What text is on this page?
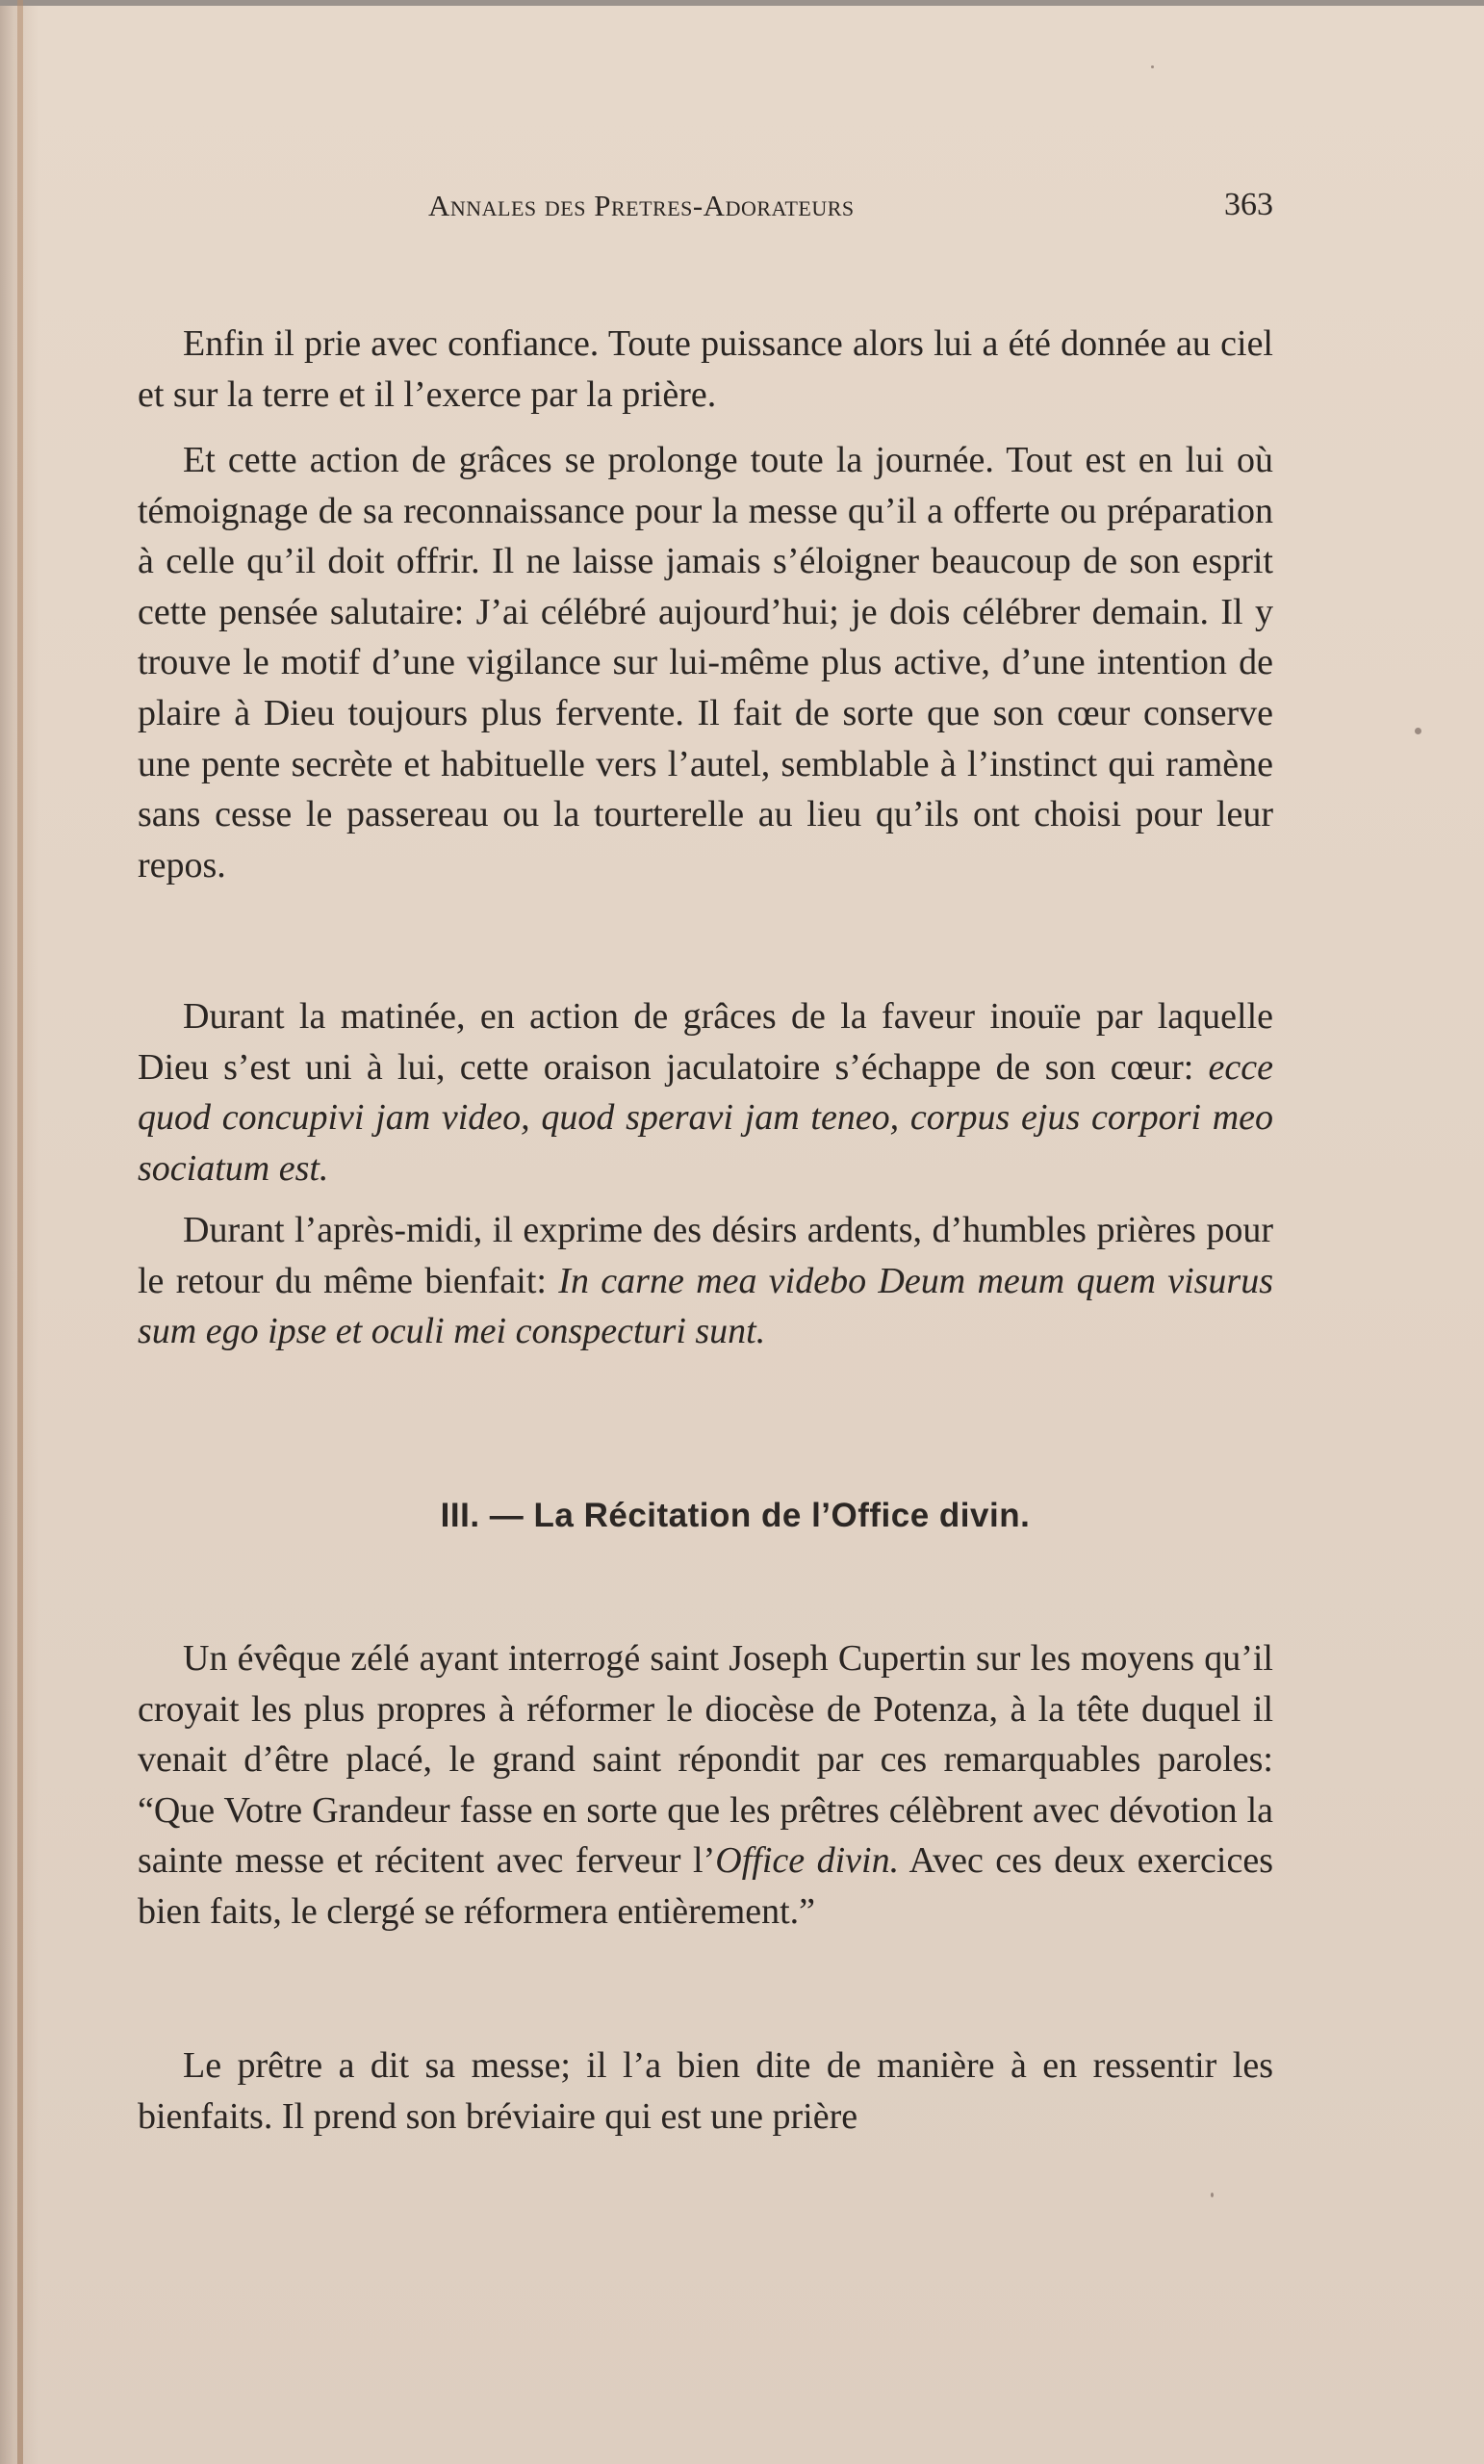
Annales des Pretres-Adorateurs	363

Enfin il prie avec confiance. Toute puissance alors lui a été donnée au ciel et sur la terre et il l’exerce par la prière.

Et cette action de grâces se prolonge toute la journée. Tout est en lui où témoignage de sa reconnaissance pour la messe qu’il a offerte ou préparation à celle qu’il doit offrir. Il ne laisse jamais s’éloigner beaucoup de son esprit cette pensée salutaire: J’ai célébré aujourd’hui; je dois célébrer demain. Il y trouve le motif d’une vigilance sur lui-même plus active, d’une intention de plaire à Dieu toujours plus fervente. Il fait de sorte que son cœur conserve une pente secrète et habituelle vers l’autel, semblable à l’instinct qui ramène sans cesse le passereau ou la tourterelle au lieu qu’ils ont choisi pour leur repos.

Durant la matinée, en action de grâces de la faveur inouïe par laquelle Dieu s’est uni à lui, cette oraison jaculatoire s’échappe de son cœur: ecce quod concupivi jam video, quod speravi jam teneo, corpus ejus corpori meo sociatum est.

Durant l’après-midi, il exprime des désirs ardents, d’humbles prières pour le retour du même bienfait: In carne mea videbo Deum meum quem visurus sum ego ipse et oculi mei conspecturi sunt.

III. — La Récitation de l’Office divin.

Un évêque zélé ayant interrogé saint Joseph Cupertin sur les moyens qu’il croyait les plus propres à réformer le diocèse de Potenza, à la tête duquel il venait d’être placé, le grand saint répondit par ces remarquables paroles: “Que Votre Grandeur fasse en sorte que les prêtres célèbrent avec dévotion la sainte messe et récitent avec ferveur l’Office divin. Avec ces deux exercices bien faits, le clergé se réformera entièrement.”

Le prêtre a dit sa messe; il l’a bien dite de manière à en ressentir les bienfaits. Il prend son bréviaire qui est une prière
